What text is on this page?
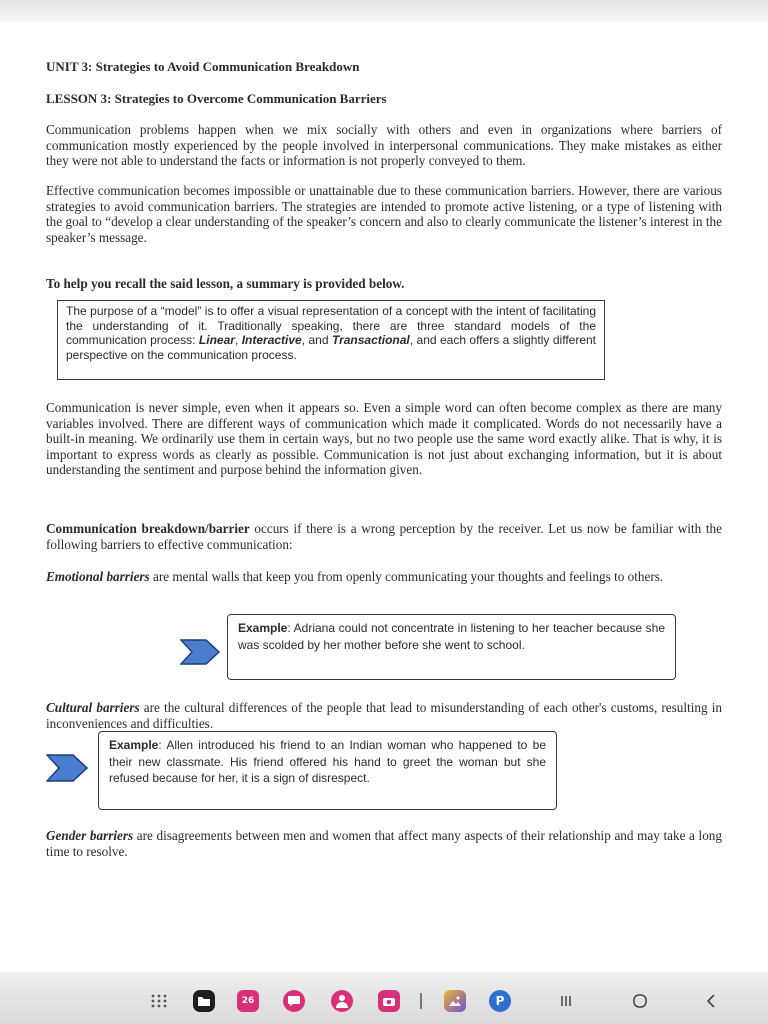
UNIT 3: Strategies to Avoid Communication Breakdown
LESSON 3: Strategies to Overcome Communication Barriers
Communication problems happen when we mix socially with others and even in organizations where barriers of communication mostly experienced by the people involved in interpersonal communications. They make mistakes as either they were not able to understand the facts or information is not properly conveyed to them.
Effective communication becomes impossible or unattainable due to these communication barriers. However, there are various strategies to avoid communication barriers. The strategies are intended to promote active listening, or a type of listening with the goal to “develop a clear understanding of the speaker’s concern and also to clearly communicate the listener’s interest in the speaker’s message.
To help you recall the said lesson, a summary is provided below.
The purpose of a “model” is to offer a visual representation of a concept with the intent of facilitating the understanding of it. Traditionally speaking, there are three standard models of the communication process: Linear, Interactive, and Transactional, and each offers a slightly different perspective on the communication process.
Communication is never simple, even when it appears so. Even a simple word can often become complex as there are many variables involved. There are different ways of communication which made it complicated. Words do not necessarily have a built-in meaning. We ordinarily use them in certain ways, but no two people use the same word exactly alike. That is why, it is important to express words as clearly as possible. Communication is not just about exchanging information, but it is about understanding the sentiment and purpose behind the information given.
Communication breakdown/barrier occurs if there is a wrong perception by the receiver. Let us now be familiar with the following barriers to effective communication:
Emotional barriers are mental walls that keep you from openly communicating your thoughts and feelings to others.
Example: Adriana could not concentrate in listening to her teacher because she was scolded by her mother before she went to school.
Cultural barriers are the cultural differences of the people that lead to misunderstanding of each other's customs, resulting in inconveniences and difficulties.
Example: Allen introduced his friend to an Indian woman who happened to be their new classmate. His friend offered his hand to greet the woman but she refused because for her, it is a sign of disrespect.
Gender barriers are disagreements between men and women that affect many aspects of their relationship and may take a long time to resolve.
26	P
